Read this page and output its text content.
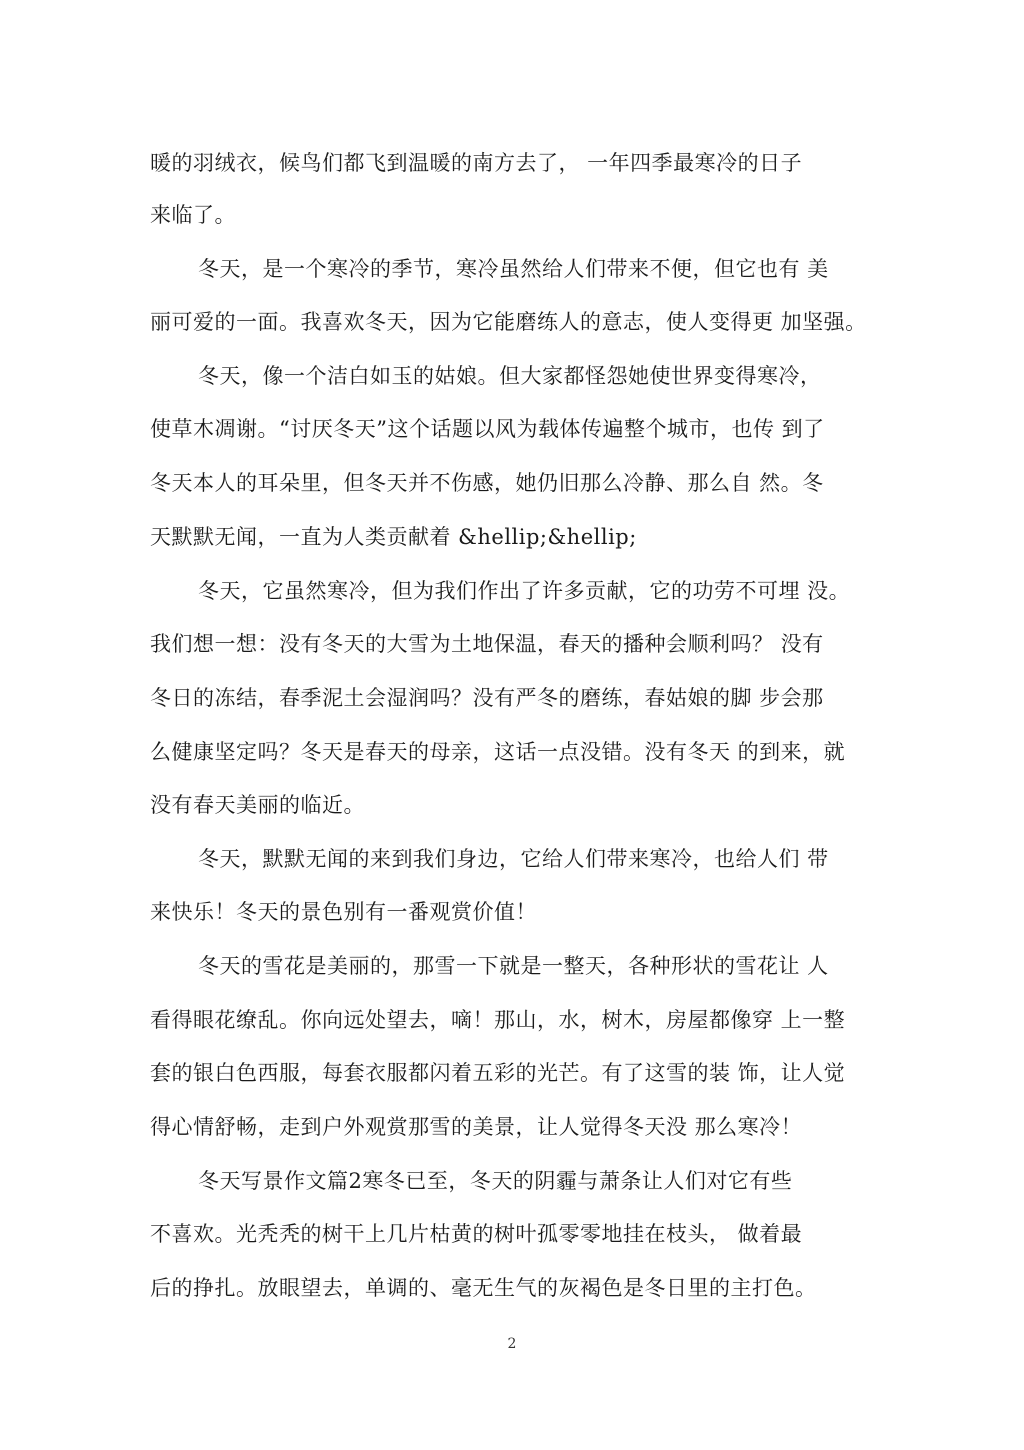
暖的羽绒衣，候鸟们都飞到温暖的南方去了， 一年四季最寒冷的日子
来临了。
冬天，是一个寒冷的季节，寒冷虽然给人们带来不便，但它也有 美
丽可爱的一面。我喜欢冬天，因为它能磨练人的意志，使人变得更 加坚强。
冬天，像一个洁白如玉的姑娘。但大家都怪怨她使世界变得寒冷，
使草木凋谢。“讨厌冬天”这个话题以风为载体传遍整个城市，也传 到了
冬天本人的耳朵里，但冬天并不伤感，她仍旧那么冷静、那么自 然。冬
天默默无闻，一直为人类贡献着 &hellip;&hellip;
冬天，它虽然寒冷，但为我们作出了许多贡献，它的功劳不可埋 没。
我们想一想：没有冬天的大雪为土地保温，春天的播种会顺利吗？ 没有
冬日的冻结，春季泥土会湿润吗？没有严冬的磨练，春姑娘的脚 步会那
么健康坚定吗？冬天是春天的母亲，这话一点没错。没有冬天 的到来，就
没有春天美丽的临近。
冬天，默默无闻的来到我们身边，它给人们带来寒冷，也给人们 带
来快乐！冬天的景色别有一番观赏价值！
冬天的雪花是美丽的，那雪一下就是一整天，各种形状的雪花让 人
看得眼花缭乱。你向远处望去，嘀！那山，水，树木，房屋都像穿 上一整
套的银白色西服，每套衣服都闪着五彩的光芒。有了这雪的装 饰，让人觉
得心情舒畅，走到户外观赏那雪的美景，让人觉得冬天没 那么寒冷！
冬天写景作文篇2寒冬已至，冬天的阴霾与萧条让人们对它有些
不喜欢。光秃秃的树干上几片枯黄的树叶孤零零地挂在枝头， 做着最
后的挣扎。放眼望去，单调的、毫无生气的灰褐色是冬日里的主打色。
2
